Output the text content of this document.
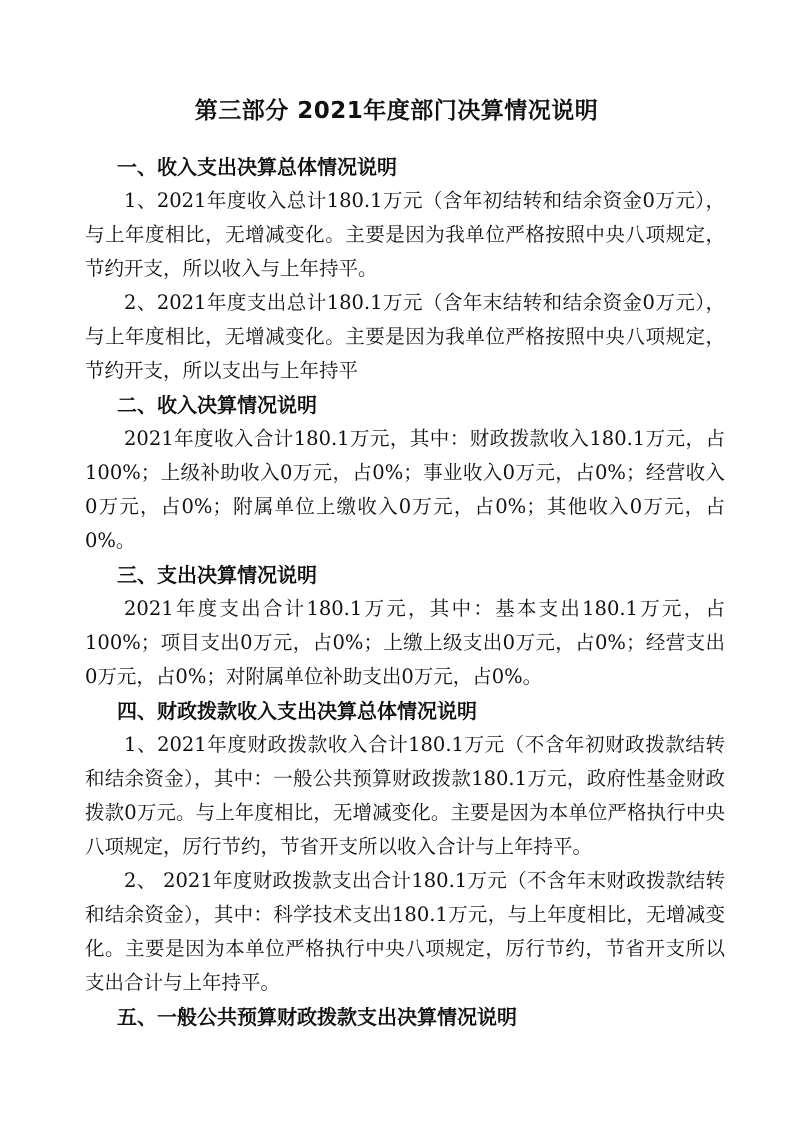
第三部分 2021年度部门决算情况说明

一、收入支出决算总体情况说明

1、2021年度收入总计180.1万元（含年初结转和结余资金0万元），与上年度相比，无增减变化。主要是因为我单位严格按照中央八项规定，节约开支，所以收入与上年持平。

2、2021年度支出总计180.1万元（含年末结转和结余资金0万元），与上年度相比，无增减变化。主要是因为我单位严格按照中央八项规定，节约开支，所以支出与上年持平

二、收入决算情况说明

2021年度收入合计180.1万元，其中：财政拨款收入180.1万元，占100%；上级补助收入0万元，占0%；事业收入0万元，占0%；经营收入0万元，占0%；附属单位上缴收入0万元，占0%；其他收入0万元，占0%。

三、支出决算情况说明

2021年度支出合计180.1万元，其中：基本支出180.1万元，占100%；项目支出0万元，占0%；上缴上级支出0万元，占0%；经营支出0万元，占0%；对附属单位补助支出0万元，占0%。

四、财政拨款收入支出决算总体情况说明

1、2021年度财政拨款收入合计180.1万元（不含年初财政拨款结转和结余资金），其中：一般公共预算财政拨款180.1万元，政府性基金财政拨款0万元。与上年度相比，无增减变化。主要是因为本单位严格执行中央八项规定，厉行节约，节省开支所以收入合计与上年持平。

2、 2021年度财政拨款支出合计180.1万元（不含年末财政拨款结转和结余资金），其中：科学技术支出180.1万元，与上年度相比，无增减变化。主要是因为本单位严格执行中央八项规定，厉行节约，节省开支所以支出合计与上年持平。

五、一般公共预算财政拨款支出决算情况说明
